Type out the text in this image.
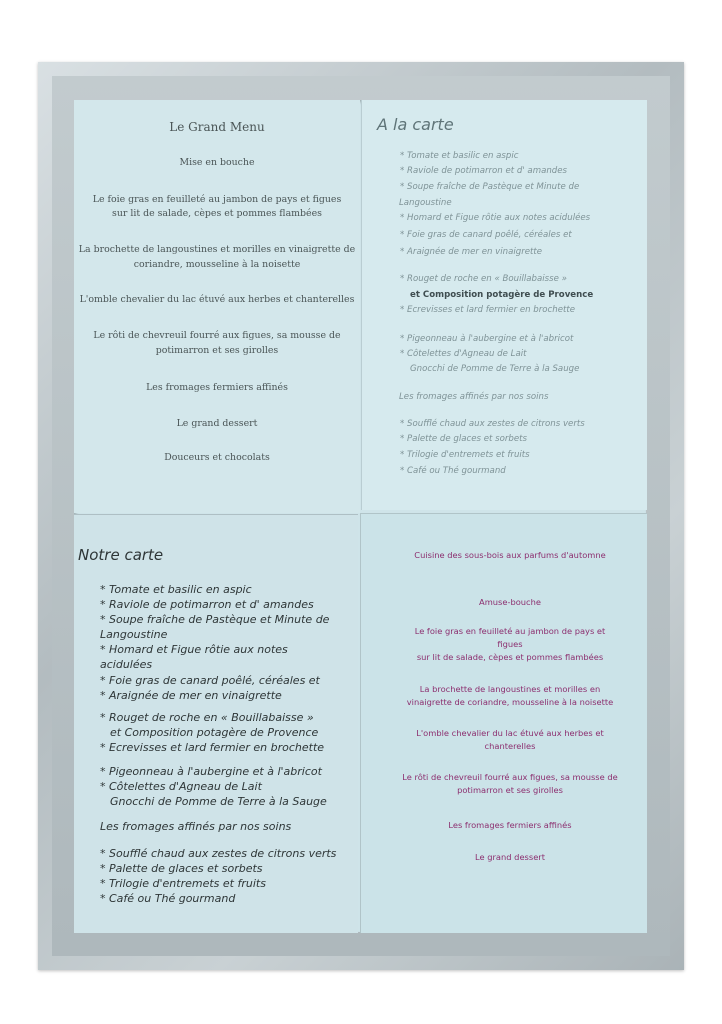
Le Grand Menu
Mise en bouche
Le foie gras en feuilleté au jambon de pays et figues
sur lit de salade, cèpes et pommes flambées
La brochette de langoustines et morilles en vinaigrette de
coriandre, mousseline à la noisette
L'omble chevalier du lac étuvé aux herbes et chanterelles
Le rôti de chevreuil fourré aux figues, sa mousse de
potimarron et ses girolles
Les fromages fermiers affinés
Le grand dessert
Douceurs et chocolats
A la carte
* Tomate et basilic en aspic
* Raviole de potimarron et d' amandes
* Soupe fraîche de Pastèque et Minute de
Langoustine
* Homard et Figue rôtie aux notes acidulées
* Foie gras de canard poêlé, céréales et
* Araignée de mer en vinaigrette
* Rouget de roche en « Bouillabaisse »
et Composition potagère de Provence
* Ecrevisses et lard fermier en brochette
* Pigeonneau à l'aubergine et à l'abricot
* Côtelettes d'Agneau de Lait
Gnocchi de Pomme de Terre à la Sauge
Les fromages affinés par nos soins
* Soufflé chaud aux zestes de citrons verts
* Palette de glaces et sorbets
* Trilogie d'entremets et fruits
* Café ou Thé gourmand
Notre carte
* Tomate et basilic en aspic
* Raviole de potimarron et d' amandes
* Soupe fraîche de Pastèque et Minute de
Langoustine
* Homard et Figue rôtie aux notes
acidulées
* Foie gras de canard poêlé, céréales et
* Araignée de mer en vinaigrette
* Rouget de roche en « Bouillabaisse »
et Composition potagère de Provence
* Ecrevisses et lard fermier en brochette
* Pigeonneau à l'aubergine et à l'abricot
* Côtelettes d'Agneau de Lait
Gnocchi de Pomme de Terre à la Sauge
Les fromages affinés par nos soins
* Soufflé chaud aux zestes de citrons verts
* Palette de glaces et sorbets
* Trilogie d'entremets et fruits
* Café ou Thé gourmand
Cuisine des sous-bois aux parfums d'automne
Amuse-bouche
Le foie gras en feuilleté au jambon de pays et
figues
sur lit de salade, cèpes et pommes flambées
La brochette de langoustines et morilles en
vinaigrette de coriandre, mousseline à la noisette
L'omble chevalier du lac étuvé aux herbes et
chanterelles
Le rôti de chevreuil fourré aux figues, sa mousse de
potimarron et ses girolles
Les fromages fermiers affinés
Le grand dessert
